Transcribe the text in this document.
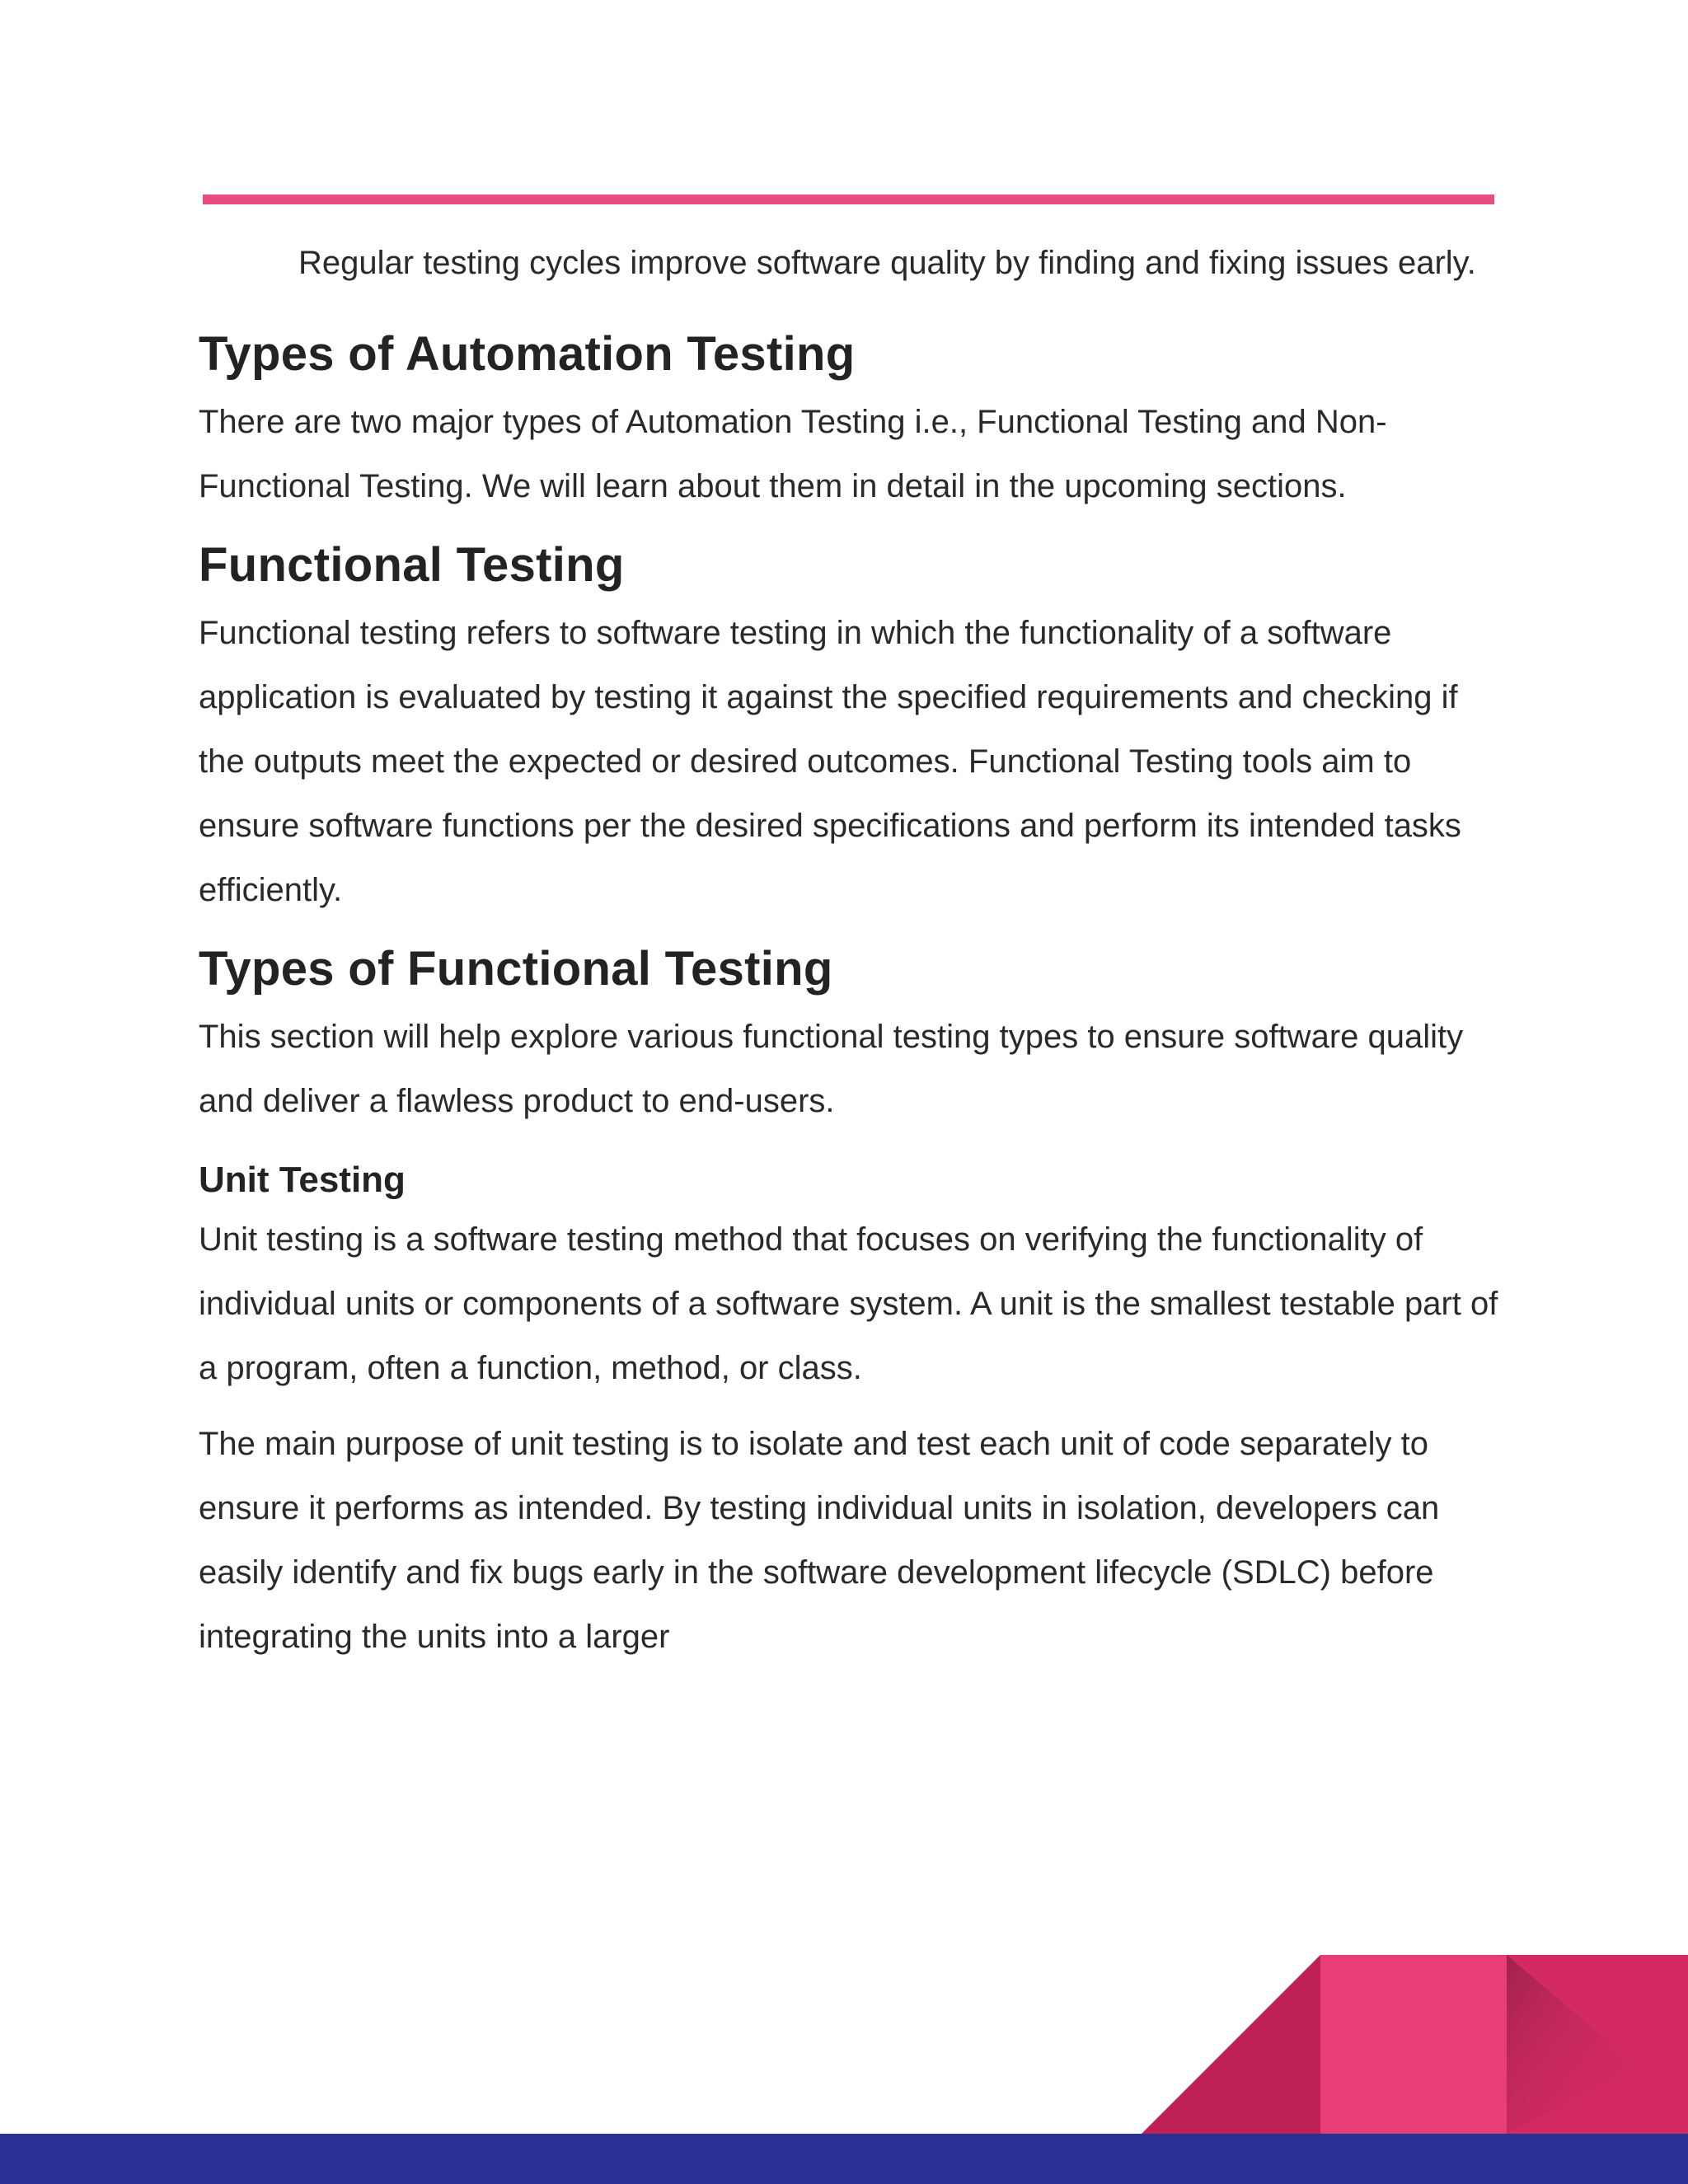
Regular testing cycles improve software quality by finding and fixing issues early.

Types of Automation Testing

There are two major types of Automation Testing i.e., Functional Testing and Non- Functional Testing. We will learn about them in detail in the upcoming sections.

Functional Testing

Functional testing refers to software testing in which the functionality of a software application is evaluated by testing it against the specified requirements and checking if the outputs meet the expected or desired outcomes. Functional Testing tools aim to ensure software functions per the desired specifications and perform its intended tasks efficiently.

Types of Functional Testing

This section will help explore various functional testing types to ensure software quality and deliver a flawless product to end-users.

Unit Testing

Unit testing is a software testing method that focuses on verifying the functionality of individual units or components of a software system. A unit is the smallest testable part of a program, often a function, method, or class.

The main purpose of unit testing is to isolate and test each unit of code separately to ensure it performs as intended. By testing individual units in isolation, developers can easily identify and fix bugs early in the software development lifecycle (SDLC) before integrating the units into a larger
